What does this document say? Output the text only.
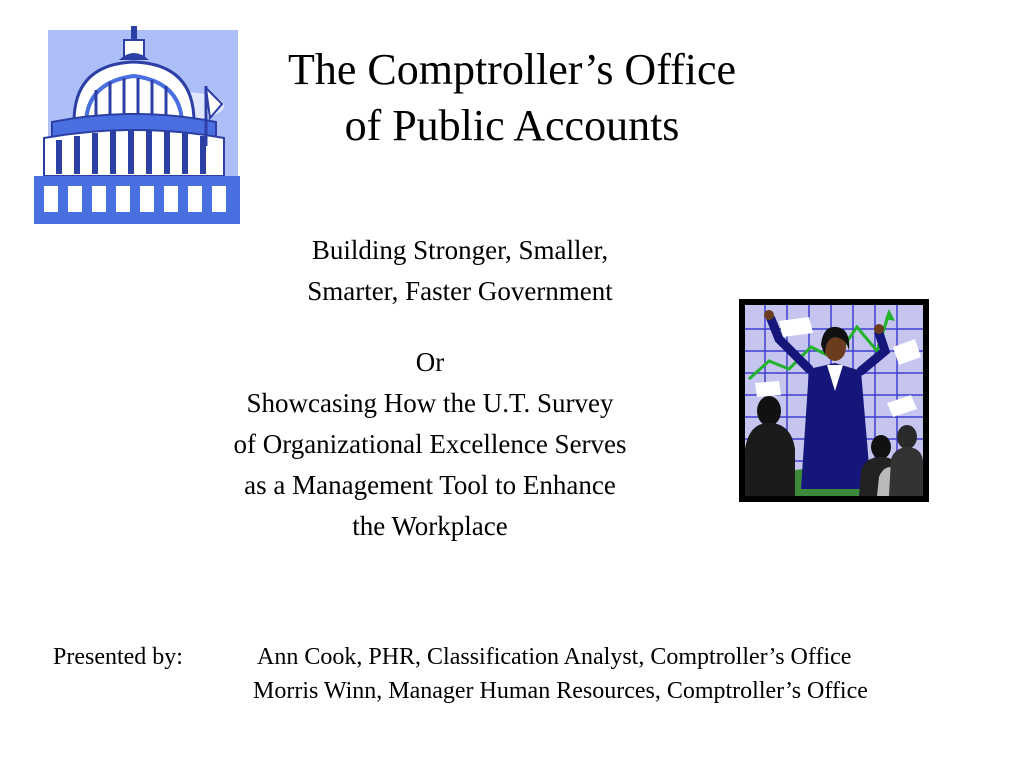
The Comptroller’s Office
of Public Accounts
Building Stronger, Smaller,
Smarter, Faster Government
Or
Showcasing How the U.T. Survey
of Organizational Excellence Serves
as a Management Tool to Enhance
the Workplace
Presented by:	Ann Cook, PHR, Classification Analyst, Comptroller’s Office
Morris Winn, Manager Human Resources, Comptroller’s Office
